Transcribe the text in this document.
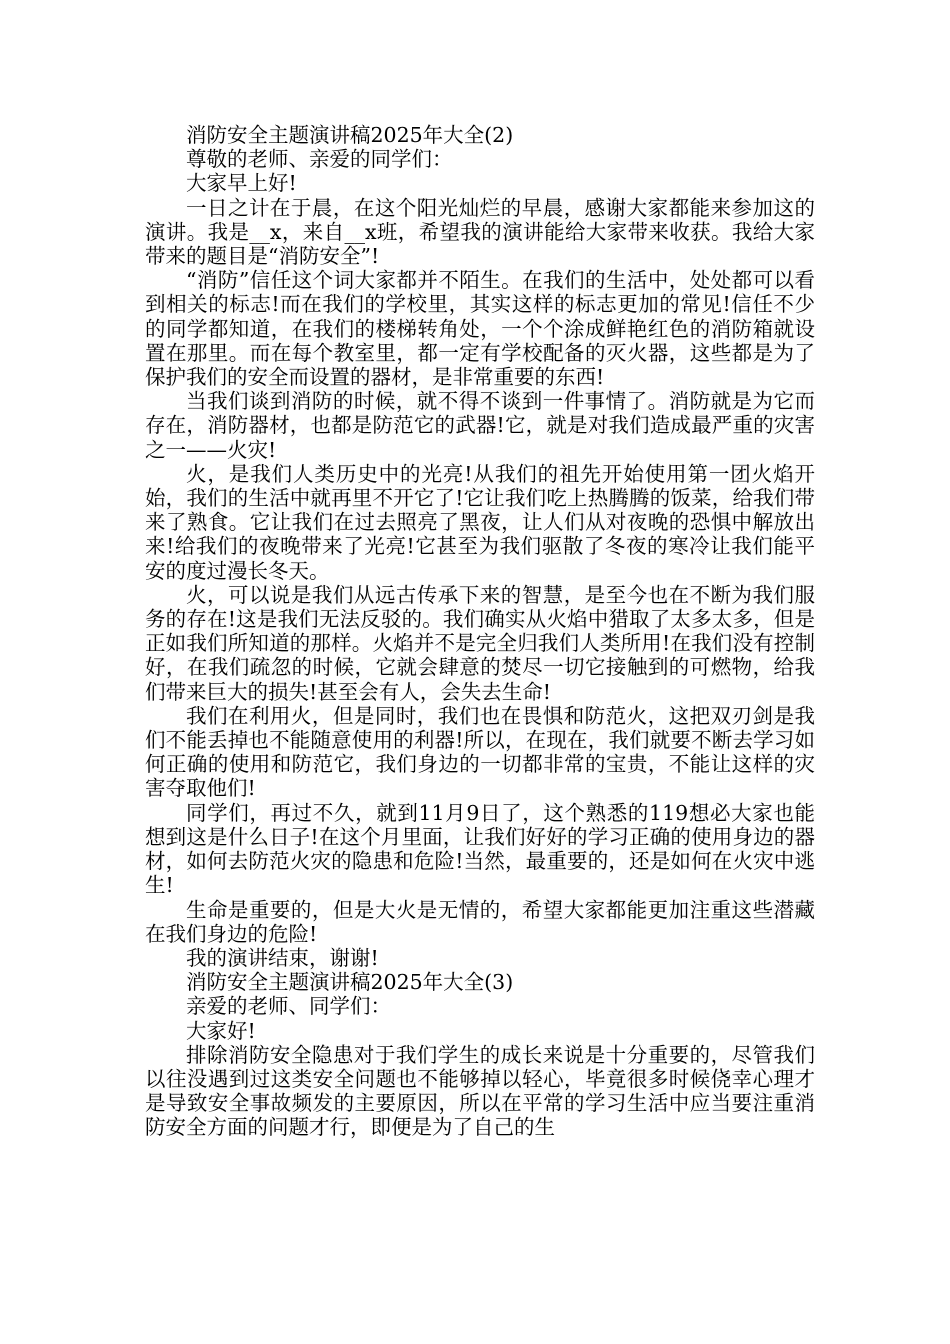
消防安全主题演讲稿2025年大全(2)

尊敬的老师、亲爱的同学们：

大家早上好!

一日之计在于晨，在这个阳光灿烂的早晨，感谢大家都能来参加这的演讲。我是__x，来自__x班，希望我的演讲能给大家带来收获。我给大家带来的题目是“消防安全”!

“消防”信任这个词大家都并不陌生。在我们的生活中，处处都可以看到相关的标志!而在我们的学校里，其实这样的标志更加的常见!信任不少的同学都知道，在我们的楼梯转角处，一个个涂成鲜艳红色的消防箱就设置在那里。而在每个教室里，都一定有学校配备的灭火器，这些都是为了保护我们的安全而设置的器材，是非常重要的东西!

当我们谈到消防的时候，就不得不谈到一件事情了。消防就是为它而存在，消防器材，也都是防范它的武器!它，就是对我们造成最严重的灾害之一——火灾!

火，是我们人类历史中的光亮!从我们的祖先开始使用第一团火焰开始，我们的生活中就再里不开它了!它让我们吃上热腾腾的饭菜，给我们带来了熟食。它让我们在过去照亮了黑夜，让人们从对夜晚的恐惧中解放出来!给我们的夜晚带来了光亮!它甚至为我们驱散了冬夜的寒冷让我们能平安的度过漫长冬天。

火，可以说是我们从远古传承下来的智慧，是至今也在不断为我们服务的存在!这是我们无法反驳的。我们确实从火焰中猎取了太多太多，但是正如我们所知道的那样。火焰并不是完全归我们人类所用!在我们没有控制好，在我们疏忽的时候，它就会肆意的焚尽一切它接触到的可燃物，给我们带来巨大的损失!甚至会有人，会失去生命!

我们在利用火，但是同时，我们也在畏惧和防范火，这把双刃剑是我们不能丢掉也不能随意使用的利器!所以，在现在，我们就要不断去学习如何正确的使用和防范它，我们身边的一切都非常的宝贵，不能让这样的灾害夺取他们!

同学们，再过不久，就到11月9日了，这个熟悉的119想必大家也能想到这是什么日子!在这个月里面，让我们好好的学习正确的使用身边的器材，如何去防范火灾的隐患和危险!当然，最重要的，还是如何在火灾中逃生!

生命是重要的，但是大火是无情的，希望大家都能更加注重这些潜藏在我们身边的危险!

我的演讲结束，谢谢!

消防安全主题演讲稿2025年大全(3)

亲爱的老师、同学们：

大家好!

排除消防安全隐患对于我们学生的成长来说是十分重要的，尽管我们以往没遇到过这类安全问题也不能够掉以轻心，毕竟很多时候侥幸心理才是导致安全事故频发的主要原因，所以在平常的学习生活中应当要注重消防安全方面的问题才行，即便是为了自己的生
